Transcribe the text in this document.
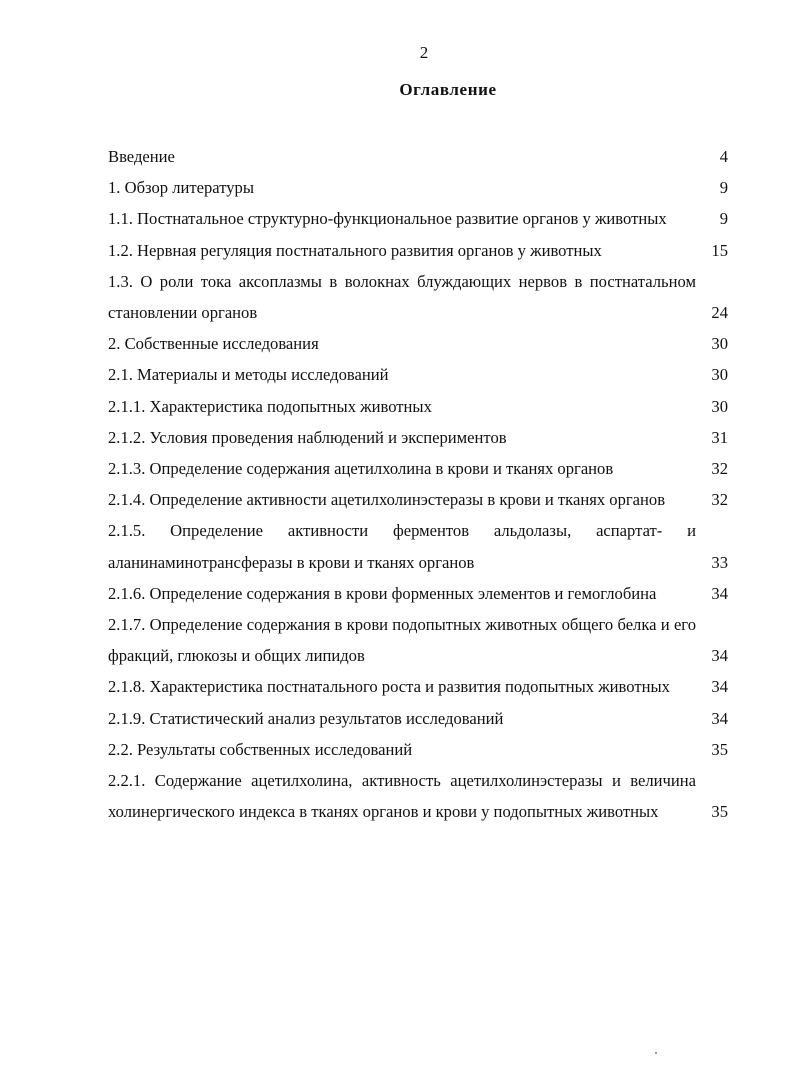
2
Оглавление
Введение	4
1. Обзор литературы	9
1.1. Постнатальное структурно-функциональное развитие органов у животных	9
1.2. Нервная регуляция постнатального развития органов у животных	15
1.3. О роли тока аксоплазмы в волокнах блуждающих нервов в постнатальном становлении органов	24
2. Собственные исследования	30
2.1. Материалы и методы исследований	30
2.1.1. Характеристика подопытных животных	30
2.1.2. Условия проведения наблюдений и экспериментов	31
2.1.3. Определение содержания ацетилхолина в крови и тканях органов	32
2.1.4. Определение активности ацетилхолинэстеразы в крови и тканях органов	32
2.1.5. Определение активности ферментов альдолазы, аспартат- и аланинаминотрансферазы в крови и тканях органов	33
2.1.6. Определение содержания в крови форменных элементов и гемоглобина	34
2.1.7. Определение содержания в крови подопытных животных общего белка и его фракций, глюкозы и общих липидов	34
2.1.8. Характеристика постнатального роста и развития подопытных животных	34
2.1.9. Статистический анализ результатов исследований	34
2.2. Результаты собственных исследований	35
2.2.1. Содержание ацетилхолина, активность ацетилхолинэстеразы и величина холинергического индекса в тканях органов и крови у подопытных животных	35
